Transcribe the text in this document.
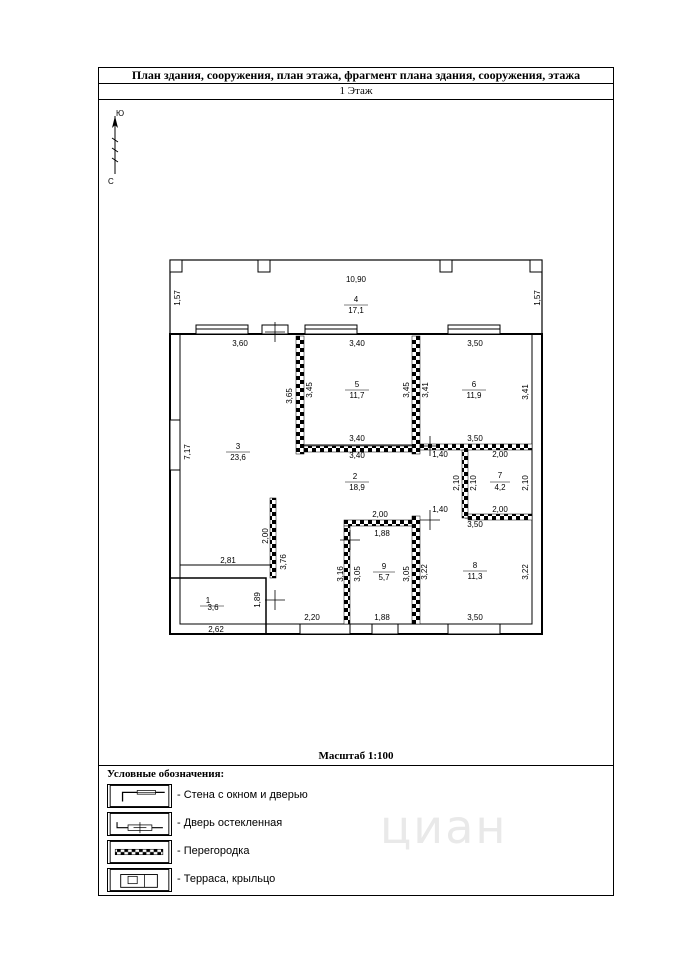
План здания, сооружения, план этажа, фрагмент плана здания, сооружения, этажа
1 Этаж
Ю
С
1
3,6
2
18,9
3
23,6
4
17,1
5
11,7
6
11,9
7
4,2
8
11,3
9
5,7
10,90
1,57	1,57
3,60
7,17
2,81
2,00
3,40
3,40
3,40
3,65 3,45	3,45 3,41
3,50
3,50
3,41
1,40	2,00
2,10 2,10	2,10
1,40	2,00
2,00
1,88
3,16 3,05	3,05 3,22
1,88
3,50
3,22
3,50
3,76
2,20
1,89
2,62
Масштаб 1:100
циан
Условные обозначения:
- Стена с окном и дверью
- Дверь остекленная
- Перегородка
- Терраса, крыльцо
